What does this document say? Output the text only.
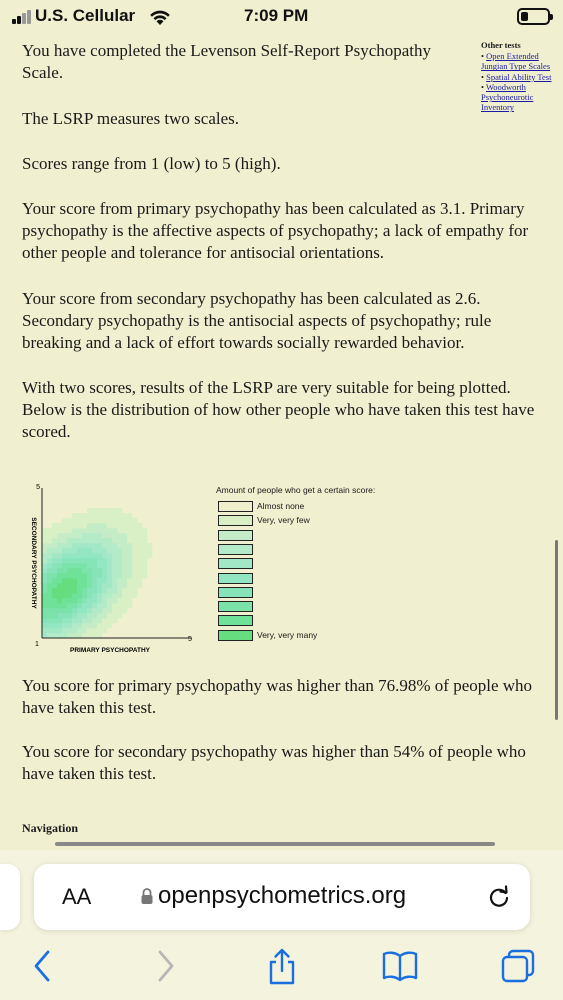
U.S. Cellular	7:09 PM
You have completed the Levenson Self-Report Psychopathy Scale.
The LSRP measures two scales.
Scores range from 1 (low) to 5 (high).
Your score from primary psychopathy has been calculated as 3.1. Primary psychopathy is the affective aspects of psychopathy; a lack of empathy for other people and tolerance for antisocial orientations.
Your score from secondary psychopathy has been calculated as 2.6. Secondary psychopathy is the antisocial aspects of psychopathy; rule breaking and a lack of effort towards socially rewarded behavior.
With two scores, results of the LSRP are very suitable for being plotted. Below is the distribution of how other people who have taken this test have scored.
Other tests
• Open Extended Jungian Type Scales
• Spatial Ability Test
• Woodworth Psychoneurotic Inventory
5
1
5
PRIMARY PSYCHOPATHY
SECONDARY PSYCHOPATHY
Amount of people who get a certain score:
Almost none
Very, very few
Very, very many
You score for primary psychopathy was higher than 76.98% of people who have taken this test.
You score for secondary psychopathy was higher than 54% of people who have taken this test.
Navigation
AA	openpsychometrics.org
